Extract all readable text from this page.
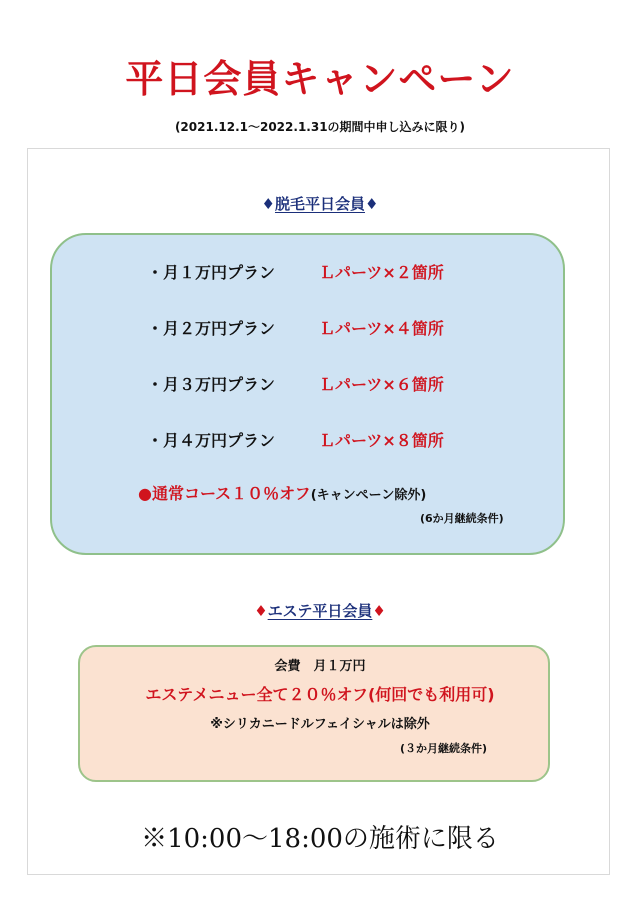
平日会員キャンペーン
(2021.12.1～2022.1.31の期間中申し込みに限り)
♦脱毛平日会員♦
・月１万円プラン	Ｌパーツ×２箇所
・月２万円プラン	Ｌパーツ×４箇所
・月３万円プラン	Ｌパーツ×６箇所
・月４万円プラン	Ｌパーツ×８箇所
●通常コース１０％オフ(キャンペーン除外)
(6か月継続条件)
♦エステ平日会員♦
会費　月１万円
エステメニュー全て２０％オフ(何回でも利用可)
※シリカニードルフェイシャルは除外
(３か月継続条件)
※10:00～18:00の施術に限る
